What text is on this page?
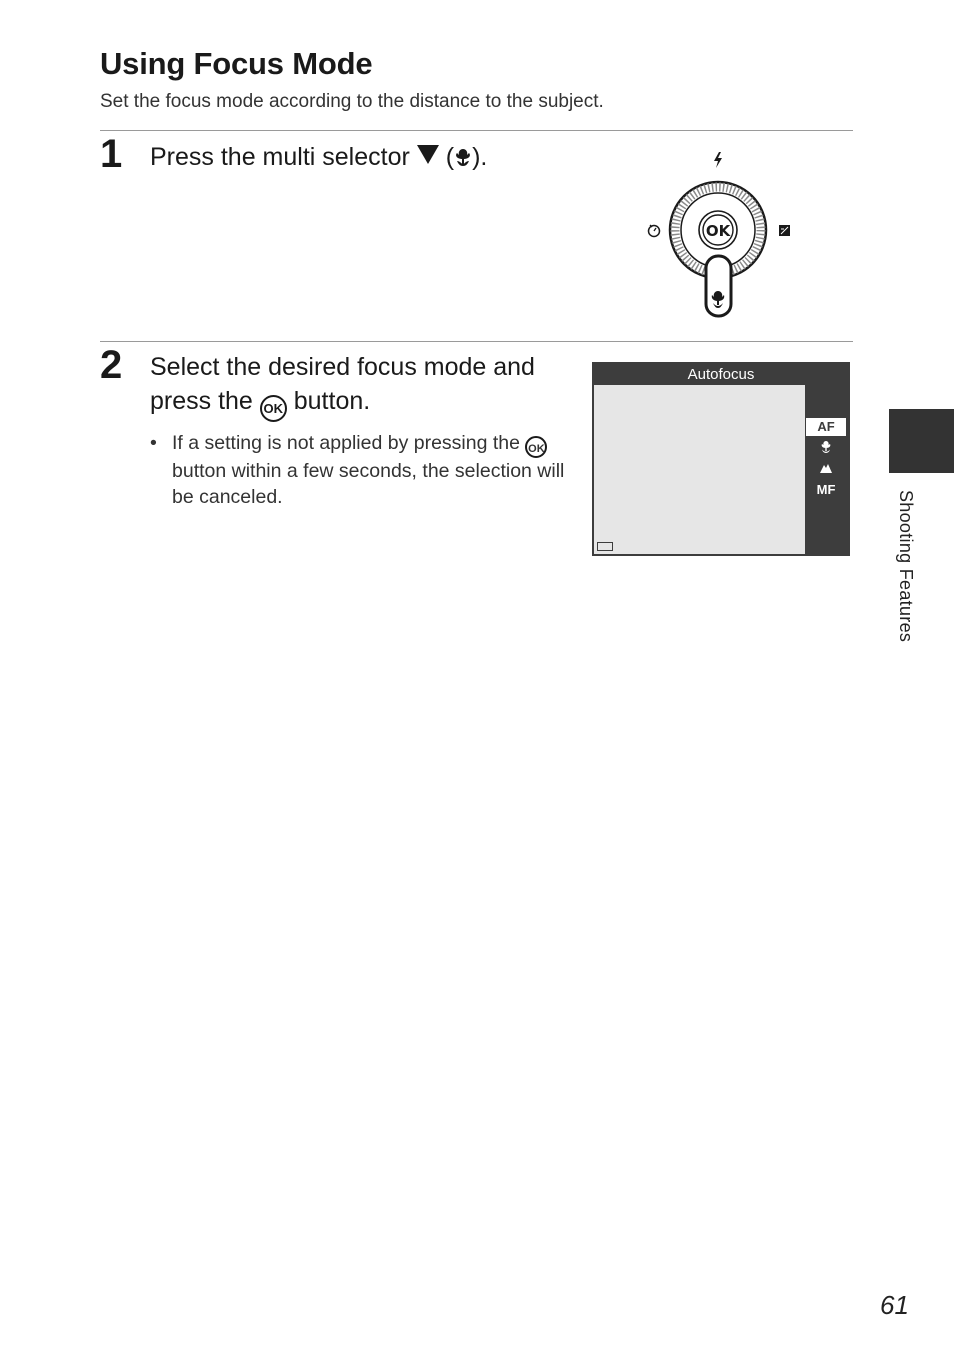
Using Focus Mode

Set the focus mode according to the distance to the subject.

1 Press the multi selector  ( ).

OK
2 Select the desired focus mode and

press the OK button.

• If a setting is not applied by pressing the OK button within a few seconds, the selection will be canceled.
Autofocus
AF
MF

Shooting Features

61
